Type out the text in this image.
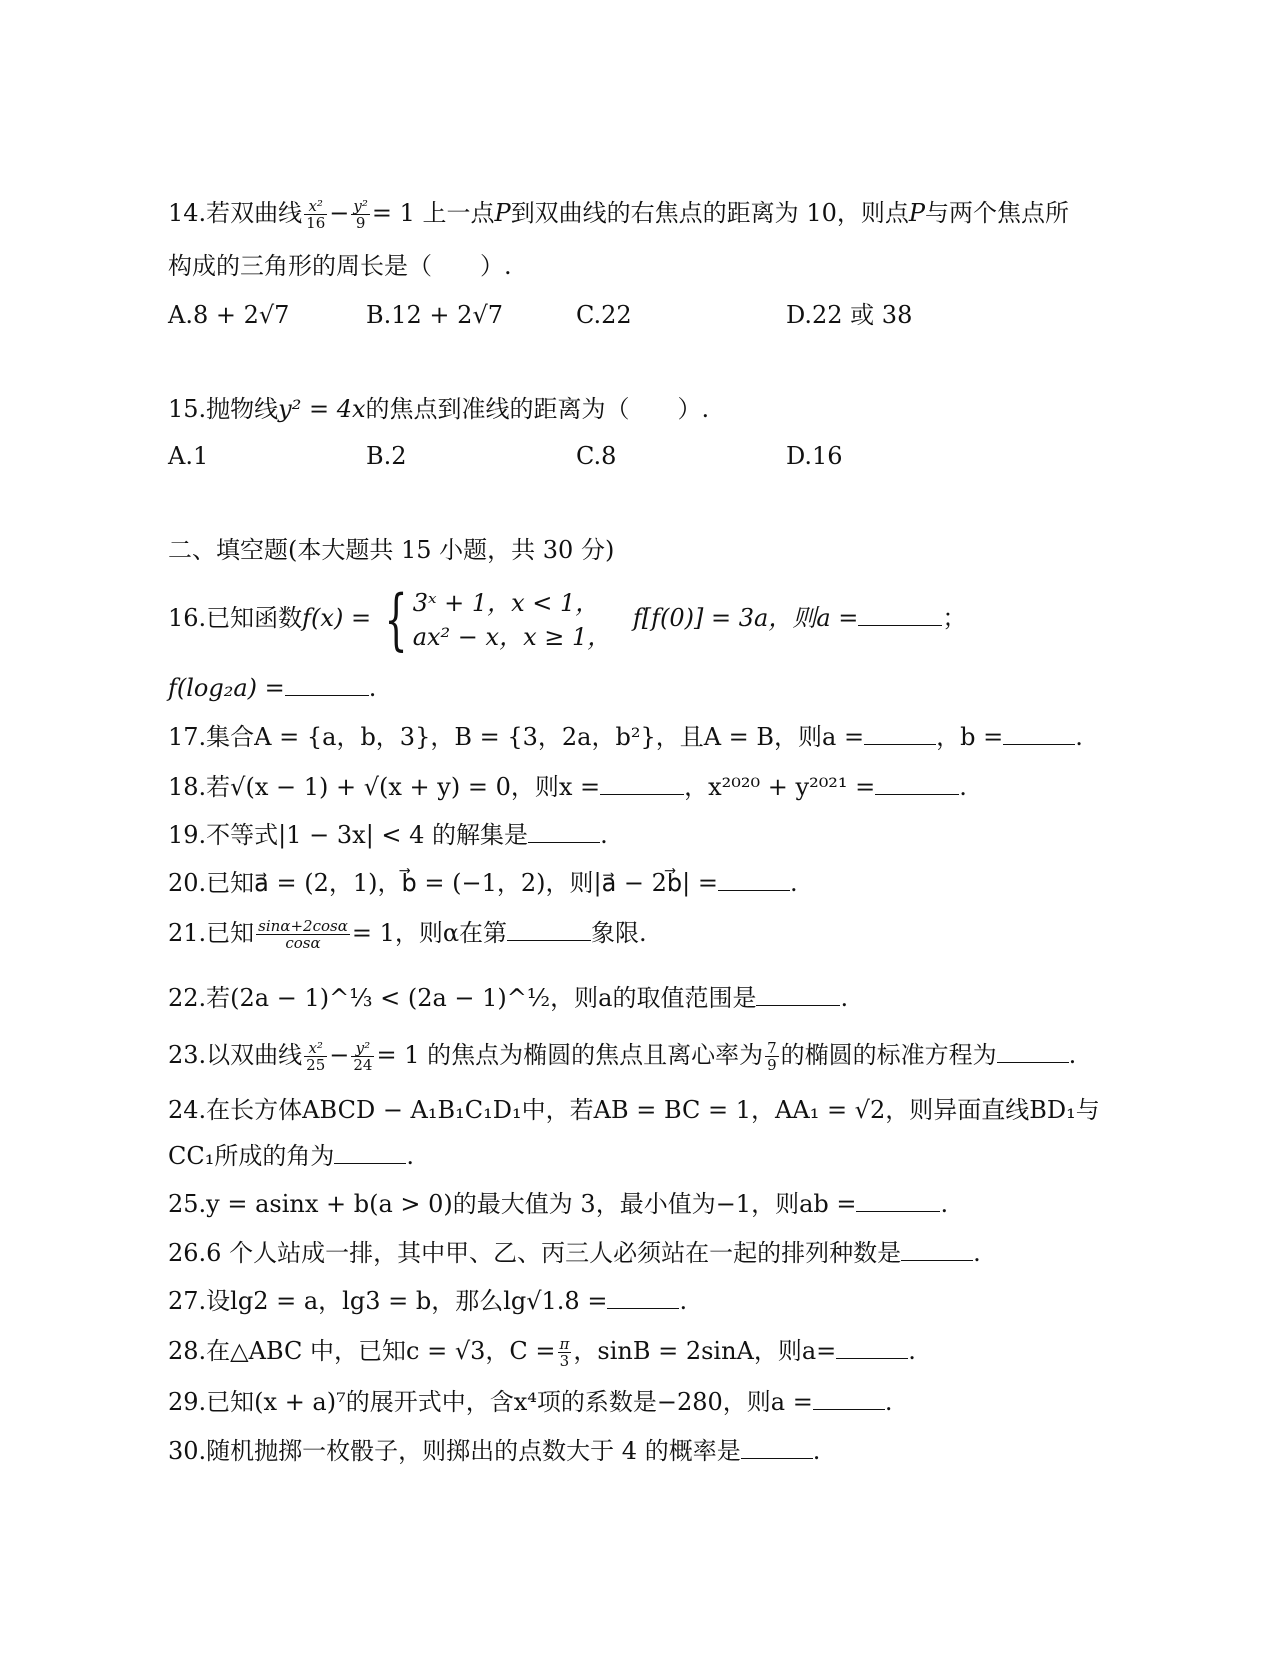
14.若双曲线 $\frac{\text{x²}}{16} - \frac{\text{y²}}{9} = 1$ 上一点P到双曲线的右焦点的距离为 10，则点P与两个焦点所
构成的三角形的周长是（　　）.
A.8 + 2√7	B.12 + 2√7	C.22	D.22 或 38
15.抛物线y² = 4x的焦点到准线的距离为（　　）.
A.1	B.2	C.8	D.16
二、填空题(本大题共 15 小题，共 30 分)
16.已知函数f(x) = { 3ˣ + 1，x < 1，
ax² − x，x ≥ 1，
f[f(0)] = 3a，则a =	；
f(log₂a) =	.
17.集合A = {a，b，3}，B = {3，2a，b²}，且A = B，则a =	，b =	.
18.若√(x − 1) + √(x + y) = 0，则x =	，x²⁰²⁰ + y²⁰²¹ =	.
19.不等式|1 − 3x| < 4 的解集是	.
20.已知a⃗ = (2，1)，b⃗ = (−1，2)，则|a⃗ − 2b⃗| =	.
21.已知 $\frac{\sin\alpha+2\cos\alpha}{\cos\alpha} = 1$，则α在第	象限.
22.若(2a − 1)^⅓ < (2a − 1)^½，则a的取值范围是	.
23.以双曲线 $\frac{\text{x²}}{25} - \frac{\text{y²}}{24} = 1$ 的焦点为椭圆的焦点且离心率为 $\frac{7}{9}$ 的椭圆的标准方程为	.
24.在长方体ABCD − A₁B₁C₁D₁中，若AB = BC = 1，AA₁ = √2，则异面直线BD₁与
CC₁所成的角为	.
25.y = asinx + b(a > 0)的最大值为 3，最小值为−1，则ab =	.
26.6 个人站成一排，其中甲、乙、丙三人必须站在一起的排列种数是	.
27.设lg2 = a，lg3 = b，那么lg√1.8 =	.
28.在△ABC 中，已知c = √3，$C = \frac{\pi}{3}$ ，sinB = 2sinA，则a=	.
29.已知(x + a)⁷的展开式中，含x⁴项的系数是−280，则a =	.
30.随机抛掷一枚骰子，则掷出的点数大于 4 的概率是	.
